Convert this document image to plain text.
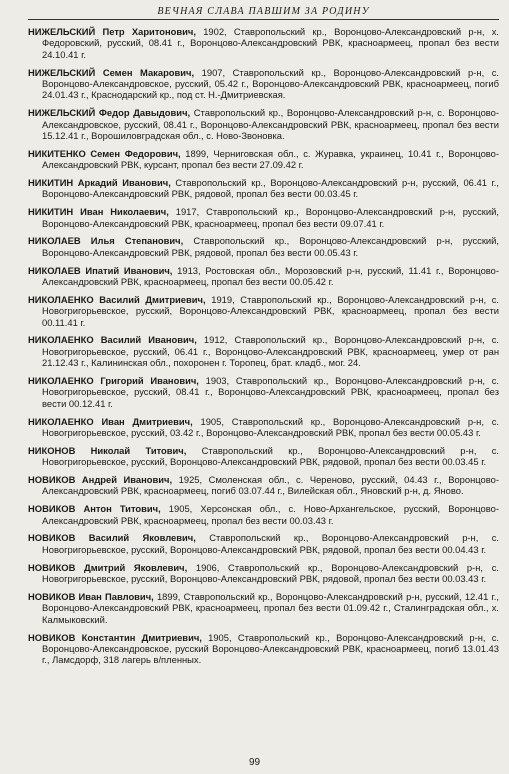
ВЕЧНАЯ СЛАВА ПАВШИМ ЗА РОДИНУ

НИЖЕЛЬСКИЙ Петр Харитонович, 1902, Ставропольский кр., Воронцово-Александровский р-н, х. Федоровский, русский, 08.41 г., Воронцово-Александровский РВК, красноармеец, пропал без вести 24.10.41 г.

НИЖЕЛЬСКИЙ Семен Макарович, 1907, Ставропольский кр., Воронцово-Александровский р-н, с. Воронцово-Александровское, русский, 05.42 г., Воронцово-Александровский РВК, красноармеец, погиб 24.01.43 г., Краснодарский кр., под ст. Н.-Дмитриевская.

НИЖЕЛЬСКИЙ Федор Давыдович, Ставропольский кр., Воронцово-Александровский р-н, с. Воронцово-Александровское, русский, 08.41 г., Воронцово-Александровский РВК, красноармеец, пропал без вести 15.12.41 г., Ворошиловградская обл., с. Ново-Звоновка.

НИКИТЕНКО Семен Федорович, 1899, Черниговская обл., с. Журавка, украинец, 10.41 г., Воронцово-Александровский РВК, курсант, пропал без вести 27.09.42 г.

НИКИТИН Аркадий Иванович, Ставропольский кр., Воронцово-Александровский р-н, русский, 06.41 г., Воронцово-Александровский РВК, рядовой, пропал без вести 00.03.45 г.

НИКИТИН Иван Николаевич, 1917, Ставропольский кр., Воронцово-Александровский р-н, русский, Воронцово-Александровский РВК, красноармеец, пропал без вести 09.07.41 г.

НИКОЛАЕВ Илья Степанович, Ставропольский кр., Воронцово-Александровский р-н, русский, Воронцово-Александровский РВК, рядовой, пропал без вести 00.05.43 г.

НИКОЛАЕВ Ипатий Иванович, 1913, Ростовская обл., Морозовский р-н, русский, 11.41 г., Воронцово-Александровский РВК, красноармеец, пропал без вести 00.05.42 г.

НИКОЛАЕНКО Василий Дмитриевич, 1919, Ставропольский кр., Воронцово-Александровский р-н, с. Новогригорьевское, русский, Воронцово-Александровский РВК, красноармеец, пропал без вести 00.11.41 г.

НИКОЛАЕНКО Василий Иванович, 1912, Ставропольский кр., Воронцово-Александровский р-н, с. Новогригорьевское, русский, 06.41 г., Воронцово-Александровский РВК, красноармеец, умер от ран 21.12.43 г., Калининская обл., похоронен г. Торопец, брат. кладб., мог. 24.

НИКОЛАЕНКО Григорий Иванович, 1903, Ставропольский кр., Воронцово-Александровский р-н, с. Новогригорьевское, русский, 08.41 г., Воронцово-Александровский РВК, красноармеец, пропал без вести 00.12.41 г.

НИКОЛАЕНКО Иван Дмитриевич, 1905, Ставропольский кр., Воронцово-Александровский р-н, с. Новогригорьевское, русский, 03.42 г., Воронцово-Александровский РВК, пропал без вести 00.05.43 г.

НИКОНОВ Николай Титович, Ставропольский кр., Воронцово-Александровский р-н, с. Новогригорьевское, русский, Воронцово-Александровский РВК, рядовой, пропал без вести 00.03.45 г.

НОВИКОВ Андрей Иванович, 1925, Смоленская обл., с. Череново, русский, 04.43 г., Воронцово-Александровский РВК, красноармеец, погиб 03.07.44 г., Вилейская обл., Яновский р-н, д. Яново.

НОВИКОВ Антон Титович, 1905, Херсонская обл., с. Ново-Архангельское, русский, Воронцово-Александровский РВК, красноармеец, пропал без вести 00.03.43 г.

НОВИКОВ Василий Яковлевич, Ставропольский кр., Воронцово-Александровский р-н, с. Новогригорьевское, русский, Воронцово-Александровский РВК, рядовой, пропал без вести 00.04.43 г.

НОВИКОВ Дмитрий Яковлевич, 1906, Ставропольский кр., Воронцово-Александровский р-н, с. Новогригорьевское, русский, Воронцово-Александровский РВК, рядовой, пропал без вести 00.03.43 г.

НОВИКОВ Иван Павлович, 1899, Ставропольский кр., Воронцово-Александровский р-н, русский, 12.41 г., Воронцово-Александровский РВК, красноармеец, пропал без вести 01.09.42 г., Сталинградская обл., х. Калмыковский.

НОВИКОВ Константин Дмитриевич, 1905, Ставропольский кр., Воронцово-Александровский р-н, с. Воронцово-Александровское, русский Воронцово-Александровский РВК, красноармеец, погиб 13.01.43 г., Ламсдорф, 318 лагерь в/пленных.

99
